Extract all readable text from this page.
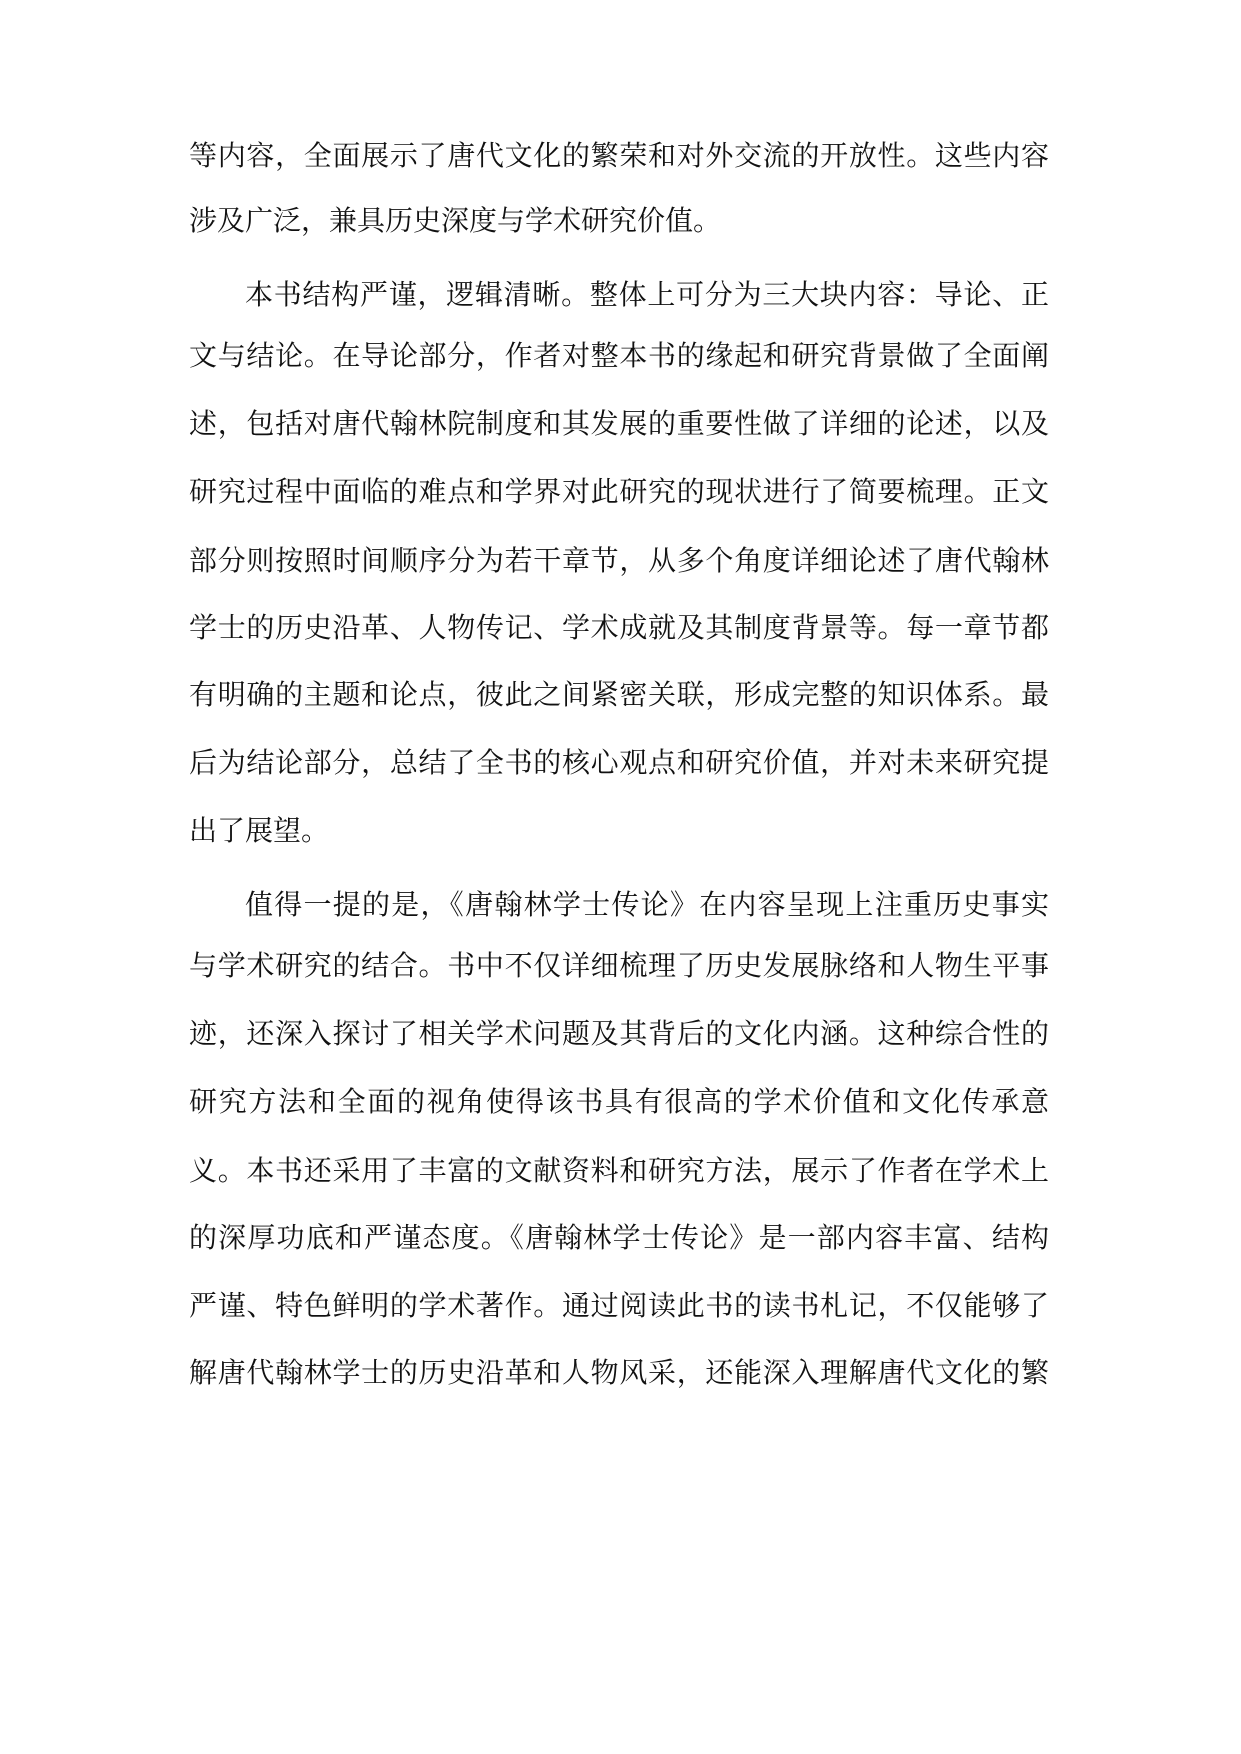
等内容，全面展示了唐代文化的繁荣和对外交流的开放性。这些内容
涉及广泛，兼具历史深度与学术研究价值。
本书结构严谨，逻辑清晰。整体上可分为三大块内容：导论、正
文与结论。在导论部分，作者对整本书的缘起和研究背景做了全面阐
述，包括对唐代翰林院制度和其发展的重要性做了详细的论述，以及
研究过程中面临的难点和学界对此研究的现状进行了简要梳理。正文
部分则按照时间顺序分为若干章节，从多个角度详细论述了唐代翰林
学士的历史沿革、人物传记、学术成就及其制度背景等。每一章节都
有明确的主题和论点，彼此之间紧密关联，形成完整的知识体系。最
后为结论部分，总结了全书的核心观点和研究价值，并对未来研究提
出了展望。
值得一提的是，《唐翰林学士传论》在内容呈现上注重历史事实
与学术研究的结合。书中不仅详细梳理了历史发展脉络和人物生平事
迹，还深入探讨了相关学术问题及其背后的文化内涵。这种综合性的
研究方法和全面的视角使得该书具有很高的学术价值和文化传承意
义。本书还采用了丰富的文献资料和研究方法，展示了作者在学术上
的深厚功底和严谨态度。《唐翰林学士传论》是一部内容丰富、结构
严谨、特色鲜明的学术著作。通过阅读此书的读书札记，不仅能够了
解唐代翰林学士的历史沿革和人物风采，还能深入理解唐代文化的繁
